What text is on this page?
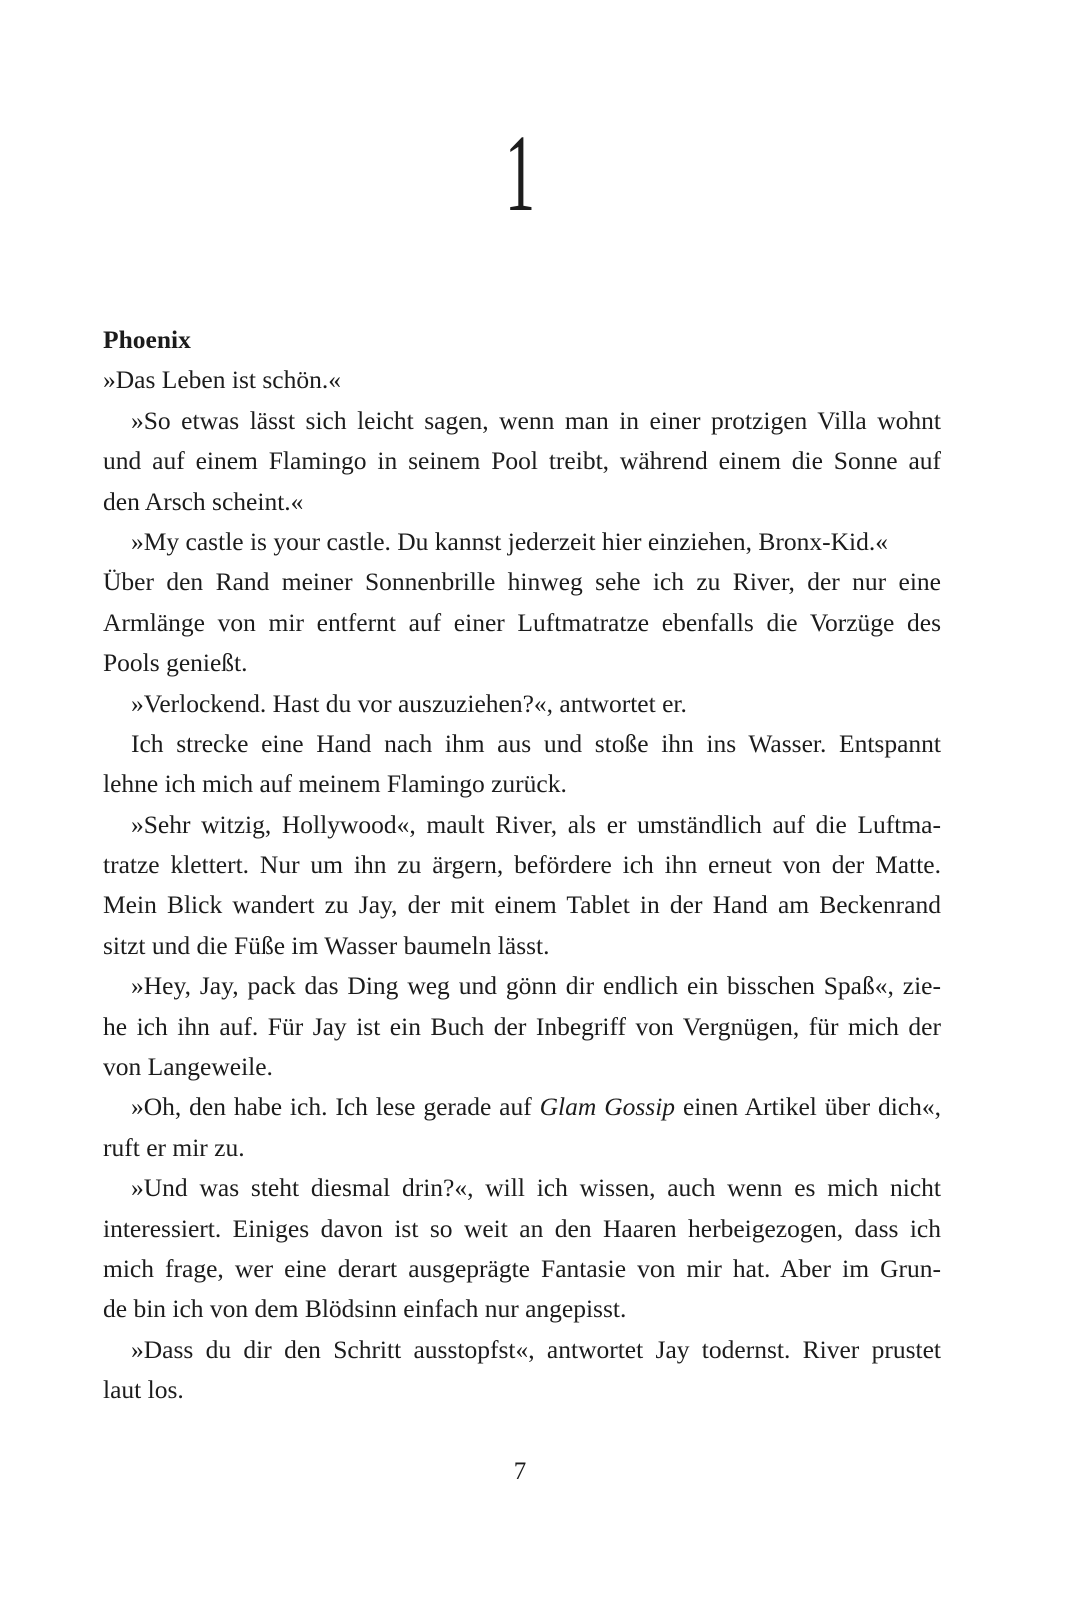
1
Phoenix
»Das Leben ist schön.«
»So etwas lässt sich leicht sagen, wenn man in einer protzigen Villa wohnt
und auf einem Flamingo in seinem Pool treibt, während einem die Sonne auf
den Arsch scheint.«
»My castle is your castle. Du kannst jederzeit hier einziehen, Bronx-Kid.«
Über den Rand meiner Sonnenbrille hinweg sehe ich zu River, der nur eine
Armlänge von mir entfernt auf einer Luftmatratze ebenfalls die Vorzüge des
Pools genießt.
»Verlockend. Hast du vor auszuziehen?«, antwortet er.
Ich strecke eine Hand nach ihm aus und stoße ihn ins Wasser. Entspannt
lehne ich mich auf meinem Flamingo zurück.
»Sehr witzig, Hollywood«, mault River, als er umständlich auf die Luftma-
tratze klettert. Nur um ihn zu ärgern, befördere ich ihn erneut von der Matte.
Mein Blick wandert zu Jay, der mit einem Tablet in der Hand am Beckenrand
sitzt und die Füße im Wasser baumeln lässt.
»Hey, Jay, pack das Ding weg und gönn dir endlich ein bisschen Spaß«, zie-
he ich ihn auf. Für Jay ist ein Buch der Inbegriff von Vergnügen, für mich der
von Langeweile.
»Oh, den habe ich. Ich lese gerade auf Glam Gossip einen Artikel über dich«,
ruft er mir zu.
»Und was steht diesmal drin?«, will ich wissen, auch wenn es mich nicht
interessiert. Einiges davon ist so weit an den Haaren herbeigezogen, dass ich
mich frage, wer eine derart ausgeprägte Fantasie von mir hat. Aber im Grun-
de bin ich von dem Blödsinn einfach nur angepisst.
»Dass du dir den Schritt ausstopfst«, antwortet Jay todernst. River prustet
laut los.
7
